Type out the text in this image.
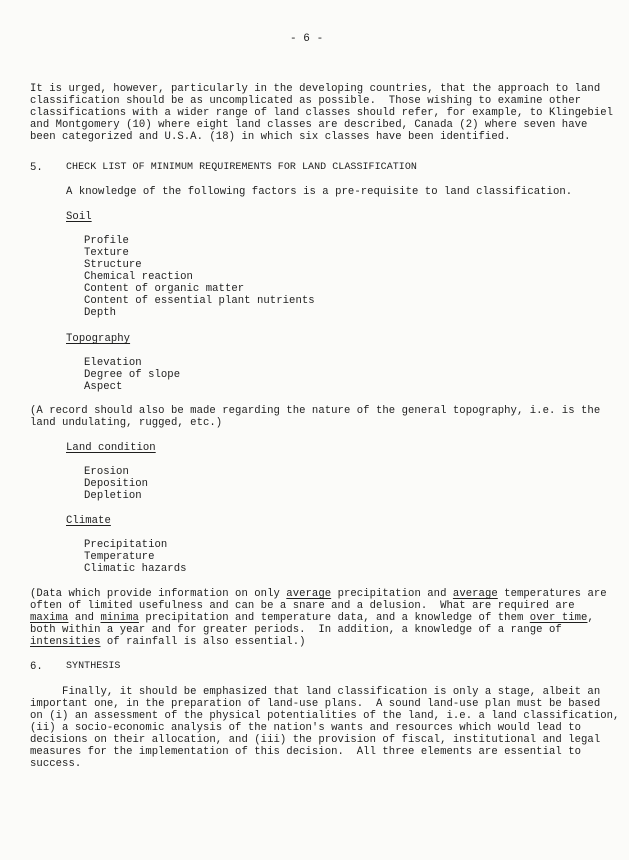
- 6 -
It is urged, however, particularly in the developing countries, that the approach to land
classification should be as uncomplicated as possible.  Those wishing to examine other
classifications with a wider range of land classes should refer, for example, to Klingebiel
and Montgomery (10) where eight land classes are described, Canada (2) where seven have
been categorized and U.S.A. (18) in which six classes have been identified.
5. CHECK LIST OF MINIMUM REQUIREMENTS FOR LAND CLASSIFICATION
A knowledge of the following factors is a pre-requisite to land classification.
Soil
Profile
Texture
Structure
Chemical reaction
Content of organic matter
Content of essential plant nutrients
Depth
Topography
Elevation
Degree of slope
Aspect
(A record should also be made regarding the nature of the general topography, i.e. is the
land undulating, rugged, etc.)
Land condition
Erosion
Deposition
Depletion
Climate
Precipitation
Temperature
Climatic hazards
(Data which provide information on only average precipitation and average temperatures are
often of limited usefulness and can be a snare and a delusion.  What are required are
maxima and minima precipitation and temperature data, and a knowledge of them over time,
both within a year and for greater periods.  In addition, a knowledge of a range of
intensities of rainfall is also essential.)
6. SYNTHESIS
Finally, it should be emphasized that land classification is only a stage, albeit an
important one, in the preparation of land-use plans.  A sound land-use plan must be based
on (i) an assessment of the physical potentialities of the land, i.e. a land classification,
(ii) a socio-economic analysis of the nation's wants and resources which would lead to
decisions on their allocation, and (iii) the provision of fiscal, institutional and legal
measures for the implementation of this decision.  All three elements are essential to
success.
